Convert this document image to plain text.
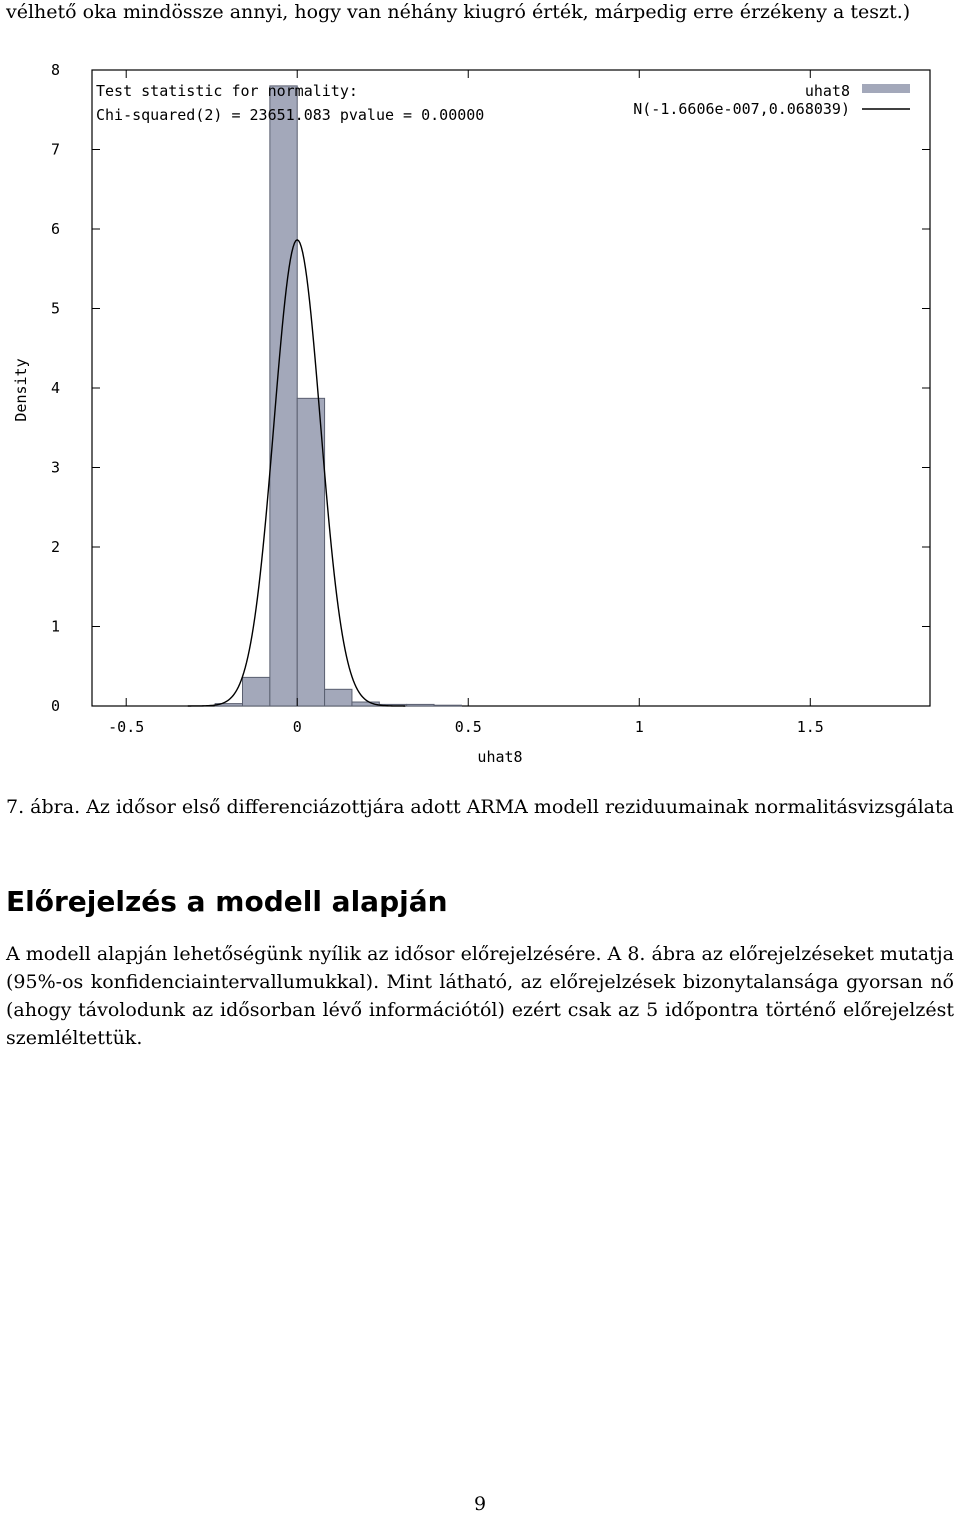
vélhető oka mindössze annyi, hogy van néhány kiugró érték, márpedig erre érzékeny a teszt.)
0
1
2
3
4
5
6
7
8
-0.5	0	0.5	1	1.5
Test statistic for normality:
Chi-squared(2) = 23651.083 pvalue = 0.00000
uhat8
N(-1.6606e-007,0.068039)
Density
uhat8
7. ábra. Az idősor első differenciázottjára adott ARMA modell reziduumainak normalitásvizsgálata
Előrejelzés a modell alapján

A modell alapján lehetőségünk nyílik az idősor előrejelzésére. A 8. ábra az előrejelzéseket mutatja (95%-os konfidenciaintervallumukkal). Mint látható, az előrejelzések bizonytalansága gyorsan nő (ahogy távolodunk az idősorban lévő információtól) ezért csak az 5 időpontra történő előrejelzést szemléltettük.

9
